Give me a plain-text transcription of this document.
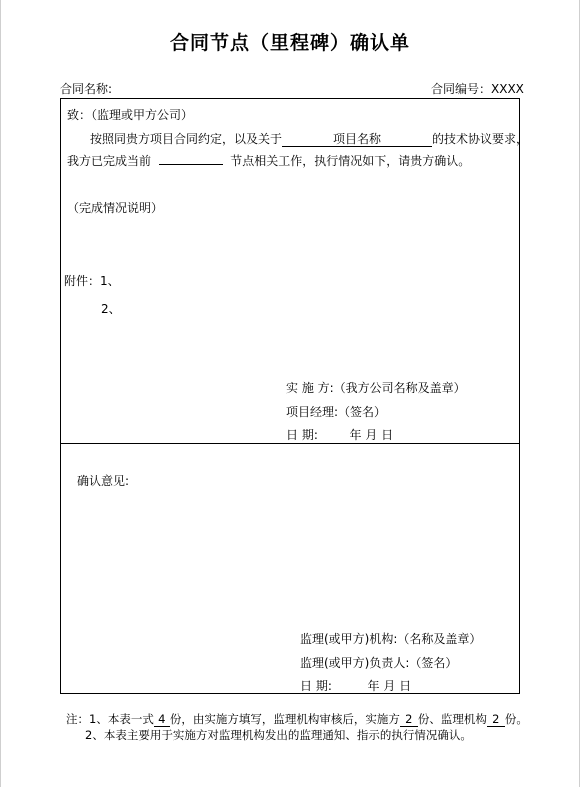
合同节点（里程碑）确认单
合同名称:	合同编号：XXXX
致：（监理或甲方公司）
按照同贵方项目合同约定，以及关于	项目名称	的技术协议要求，
我方已完成当前	节点相关工作，执行情况如下，请贵方确认。
（完成情况说明）
附件：1、
2、
实 施 方:（我方公司名称及盖章）
项目经理:（签名）
日 期:	年 月 日
确认意见:
监理(或甲方)机构:（名称及盖章）
监理(或甲方)负责人:（签名）
日 期:	年 月 日
注：1、本表一式 4 份，由实施方填写，监理机构审核后，实施方 2 份、监理机构 2 份。
2、本表主要用于实施方对监理机构发出的监理通知、指示的执行情况确认。
